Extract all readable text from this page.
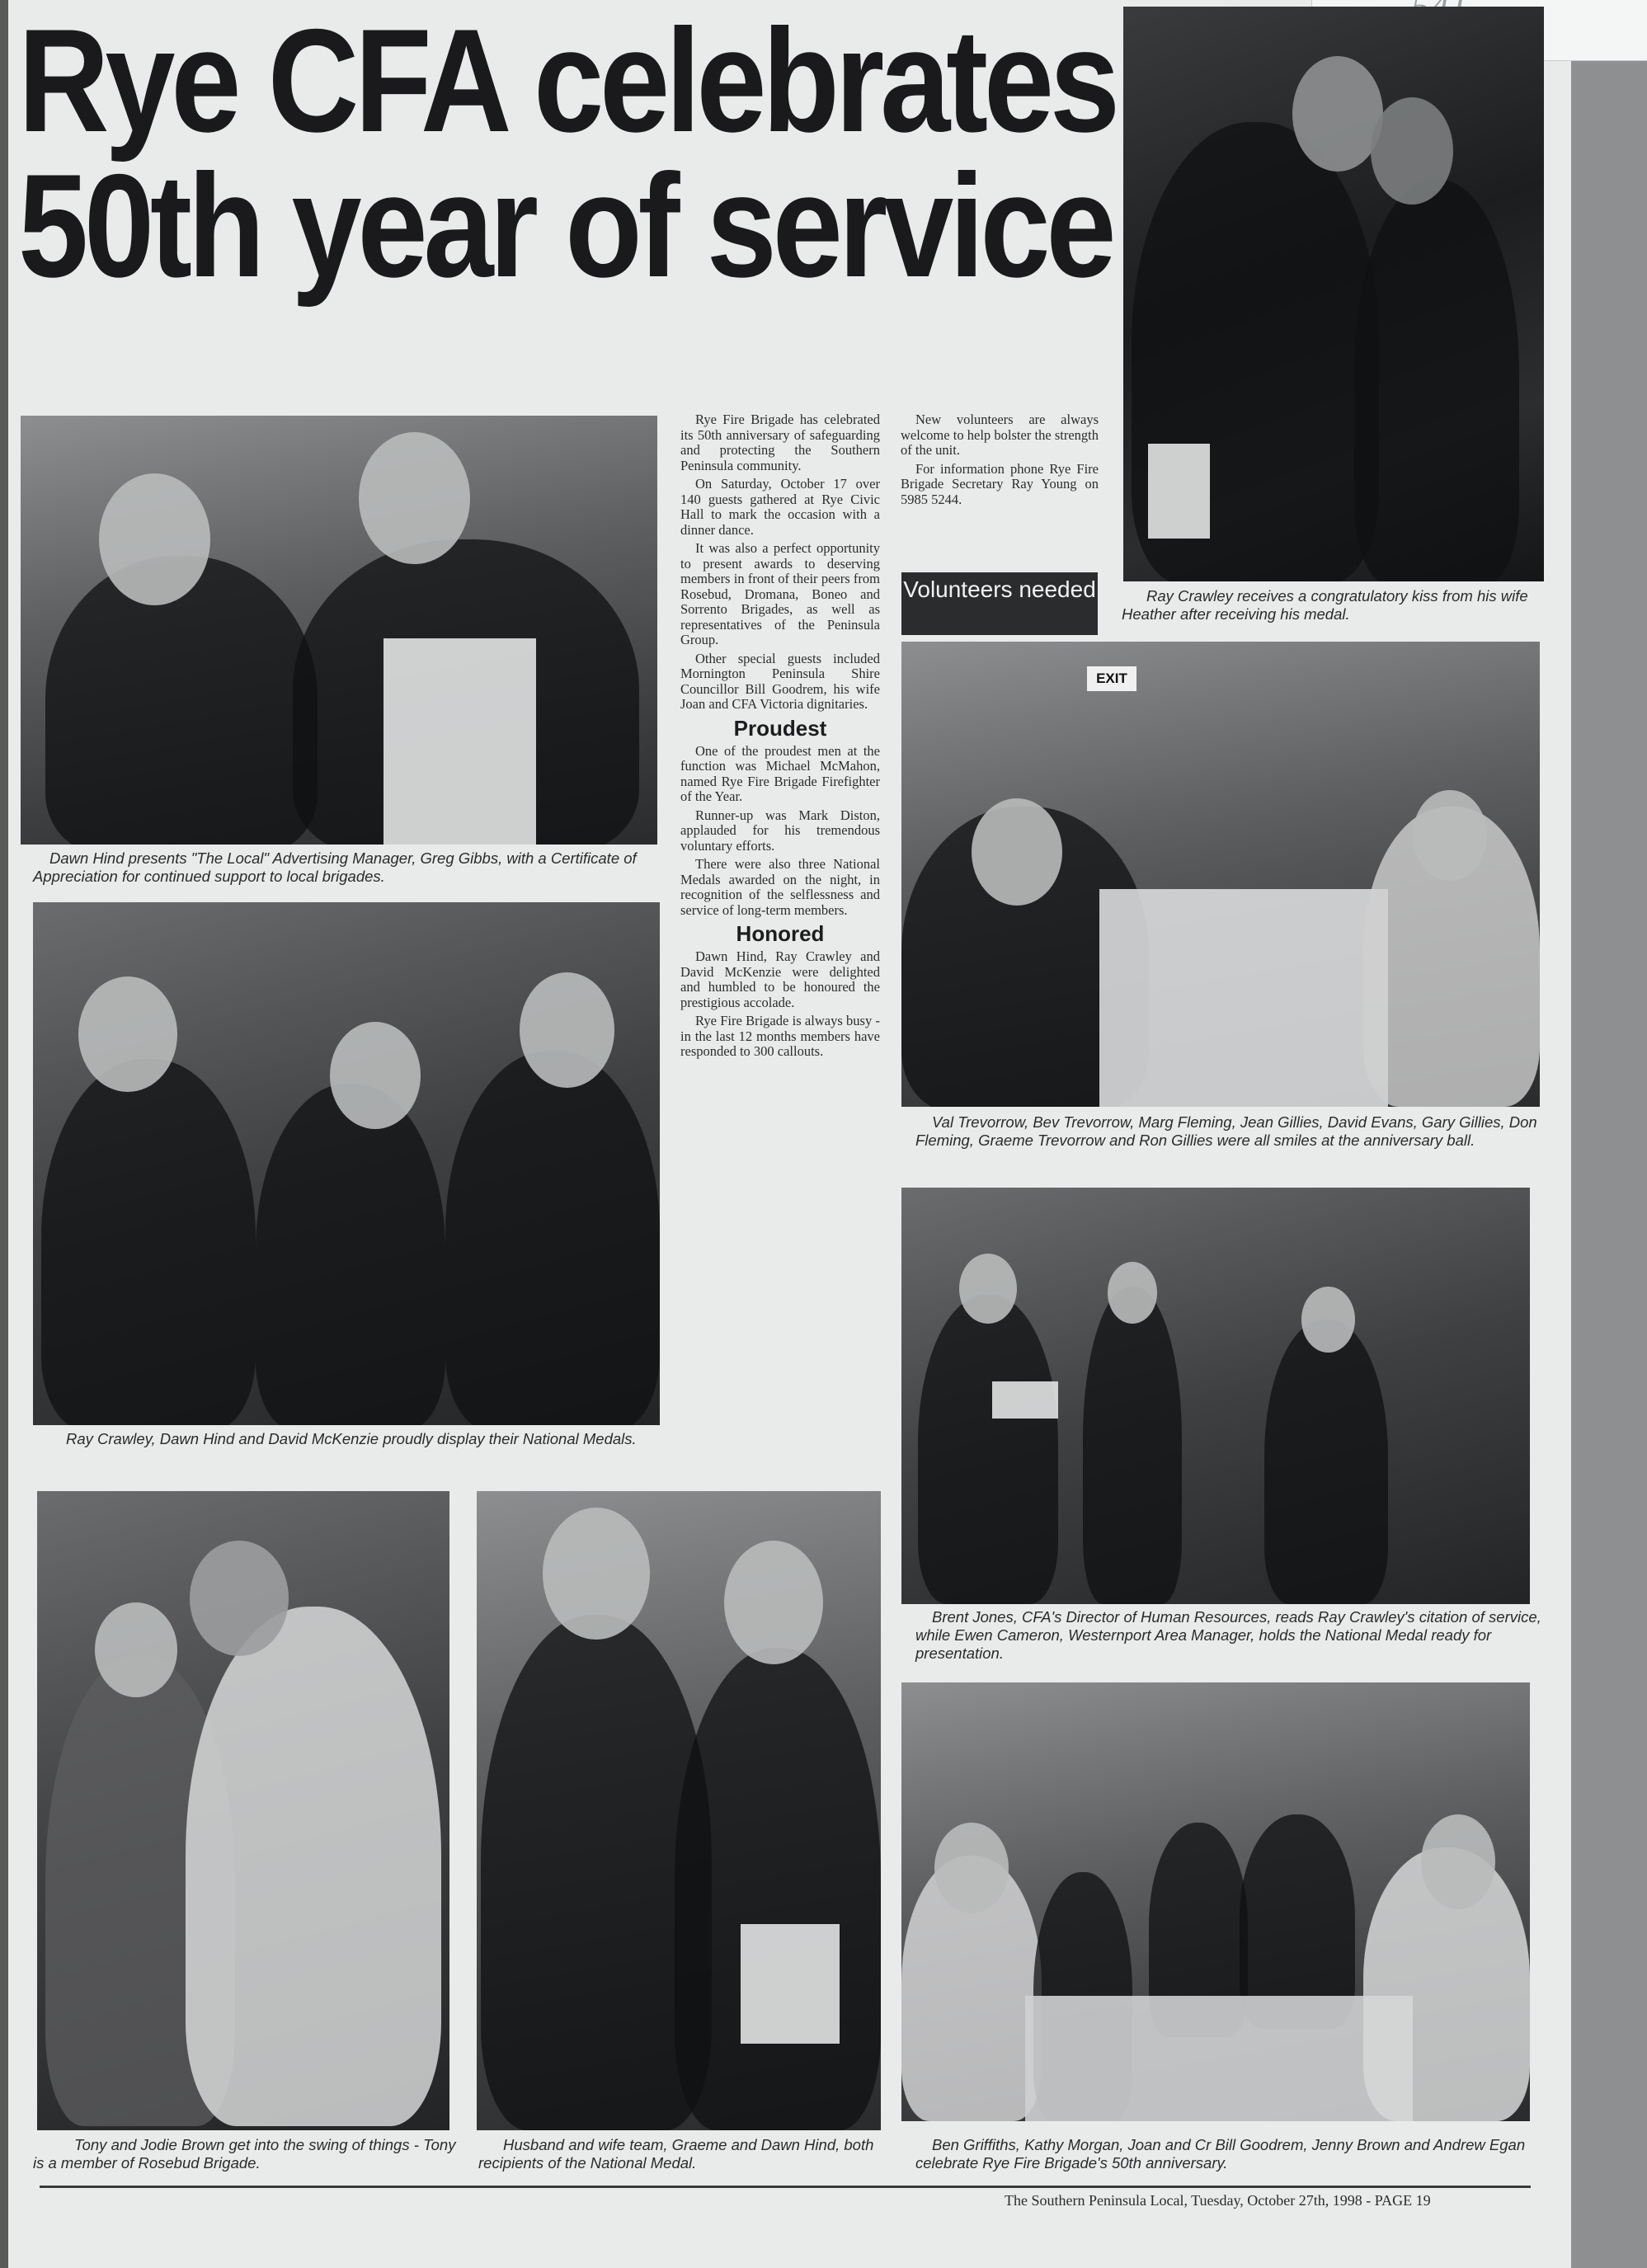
Rye CFA celebrates
50th year of service

Dawn Hind presents "The Local" Advertising Manager, Greg Gibbs, with a Certificate of Appreciation for continued support to local brigades.

Ray Crawley, Dawn Hind and David McKenzie proudly display their National Medals.

Tony and Jodie Brown get into the swing of things - Tony is a member of Rosebud Brigade.

Husband and wife team, Graeme and Dawn Hind, both recipients of the National Medal.

Rye Fire Brigade has celebrated its 50th anniversary of safeguarding and protecting the Southern Peninsula community.

On Saturday, October 17 over 140 guests gathered at Rye Civic Hall to mark the occasion with a dinner dance.

It was also a perfect opportunity to present awards to deserving members in front of their peers from Rosebud, Dromana, Boneo and Sorrento Brigades, as well as representatives of the Peninsula Group.

Other special guests included Mornington Peninsula Shire Councillor Bill Goodrem, his wife Joan and CFA Victoria dignitaries.

Proudest

One of the proudest men at the function was Michael McMahon, named Rye Fire Brigade Firefighter of the Year.

Runner-up was Mark Diston, applauded for his tremendous voluntary efforts.

There were also three National Medals awarded on the night, in recognition of the selflessness and service of long-term members.

Honored

Dawn Hind, Ray Crawley and David McKenzie were delighted and humbled to be honoured the prestigious accolade.

Rye Fire Brigade is always busy - in the last 12 months members have responded to 300 callouts.

New volunteers are always welcome to help bolster the strength of the unit.

For information phone Rye Fire Brigade Secretary Ray Young on 5985 5244.

Volunteers needed	Ray Crawley receives a congratulatory kiss from his wife Heather after receiving his medal.

EXIT

Val Trevorrow, Bev Trevorrow, Marg Fleming, Jean Gillies, David Evans, Gary Gillies, Don Fleming, Graeme Trevorrow and Ron Gillies were all smiles at the anniversary ball.

Brent Jones, CFA's Director of Human Resources, reads Ray Crawley's citation of service, while Ewen Cameron, Westernport Area Manager, holds the National Medal ready for presentation.

Ben Griffiths, Kathy Morgan, Joan and Cr Bill Goodrem, Jenny Brown and Andrew Egan celebrate Rye Fire Brigade's 50th anniversary.

The Southern Peninsula Local, Tuesday, October 27th, 1998 - PAGE 19
